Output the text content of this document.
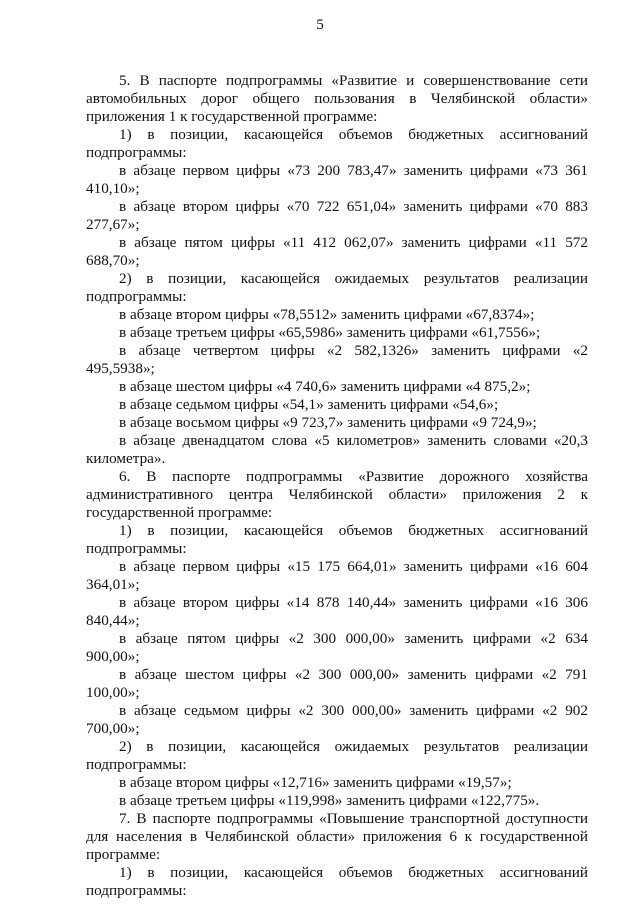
5

5. В паспорте подпрограммы «Развитие и совершенствование сети автомобильных дорог общего пользования в Челябинской области» приложения 1 к государственной программе:

1) в позиции, касающейся объемов бюджетных ассигнований подпрограммы:

в абзаце первом цифры «73 200 783,47» заменить цифрами «73 361 410,10»;

в абзаце втором цифры «70 722 651,04» заменить цифрами «70 883 277,67»;

в абзаце пятом цифры «11 412 062,07» заменить цифрами «11 572 688,70»;

2) в позиции, касающейся ожидаемых результатов реализации подпрограммы:

в абзаце втором цифры «78,5512» заменить цифрами «67,8374»;

в абзаце третьем цифры «65,5986» заменить цифрами «61,7556»;

в абзаце четвертом цифры «2 582,1326» заменить цифрами «2 495,5938»;

в абзаце шестом цифры «4 740,6» заменить цифрами «4 875,2»;

в абзаце седьмом цифры «54,1» заменить цифрами «54,6»;

в абзаце восьмом цифры «9 723,7» заменить цифрами «9 724,9»;

в абзаце двенадцатом слова «5 километров» заменить словами «20,3 километра».

6. В паспорте подпрограммы «Развитие дорожного хозяйства административного центра Челябинской области» приложения 2 к государственной программе:

1) в позиции, касающейся объемов бюджетных ассигнований подпрограммы:

в абзаце первом цифры «15 175 664,01» заменить цифрами «16 604 364,01»;

в абзаце втором цифры «14 878 140,44» заменить цифрами «16 306 840,44»;

в абзаце пятом цифры «2 300 000,00» заменить цифрами «2 634 900,00»;

в абзаце шестом цифры «2 300 000,00» заменить цифрами «2 791 100,00»;

в абзаце седьмом цифры «2 300 000,00» заменить цифрами «2 902 700,00»;

2) в позиции, касающейся ожидаемых результатов реализации подпрограммы:

в абзаце втором цифры «12,716» заменить цифрами «19,57»;

в абзаце третьем цифры «119,998» заменить цифрами «122,775».

7. В паспорте подпрограммы «Повышение транспортной доступности для населения в Челябинской области» приложения 6 к государственной программе:

1) в позиции, касающейся объемов бюджетных ассигнований подпрограммы:
